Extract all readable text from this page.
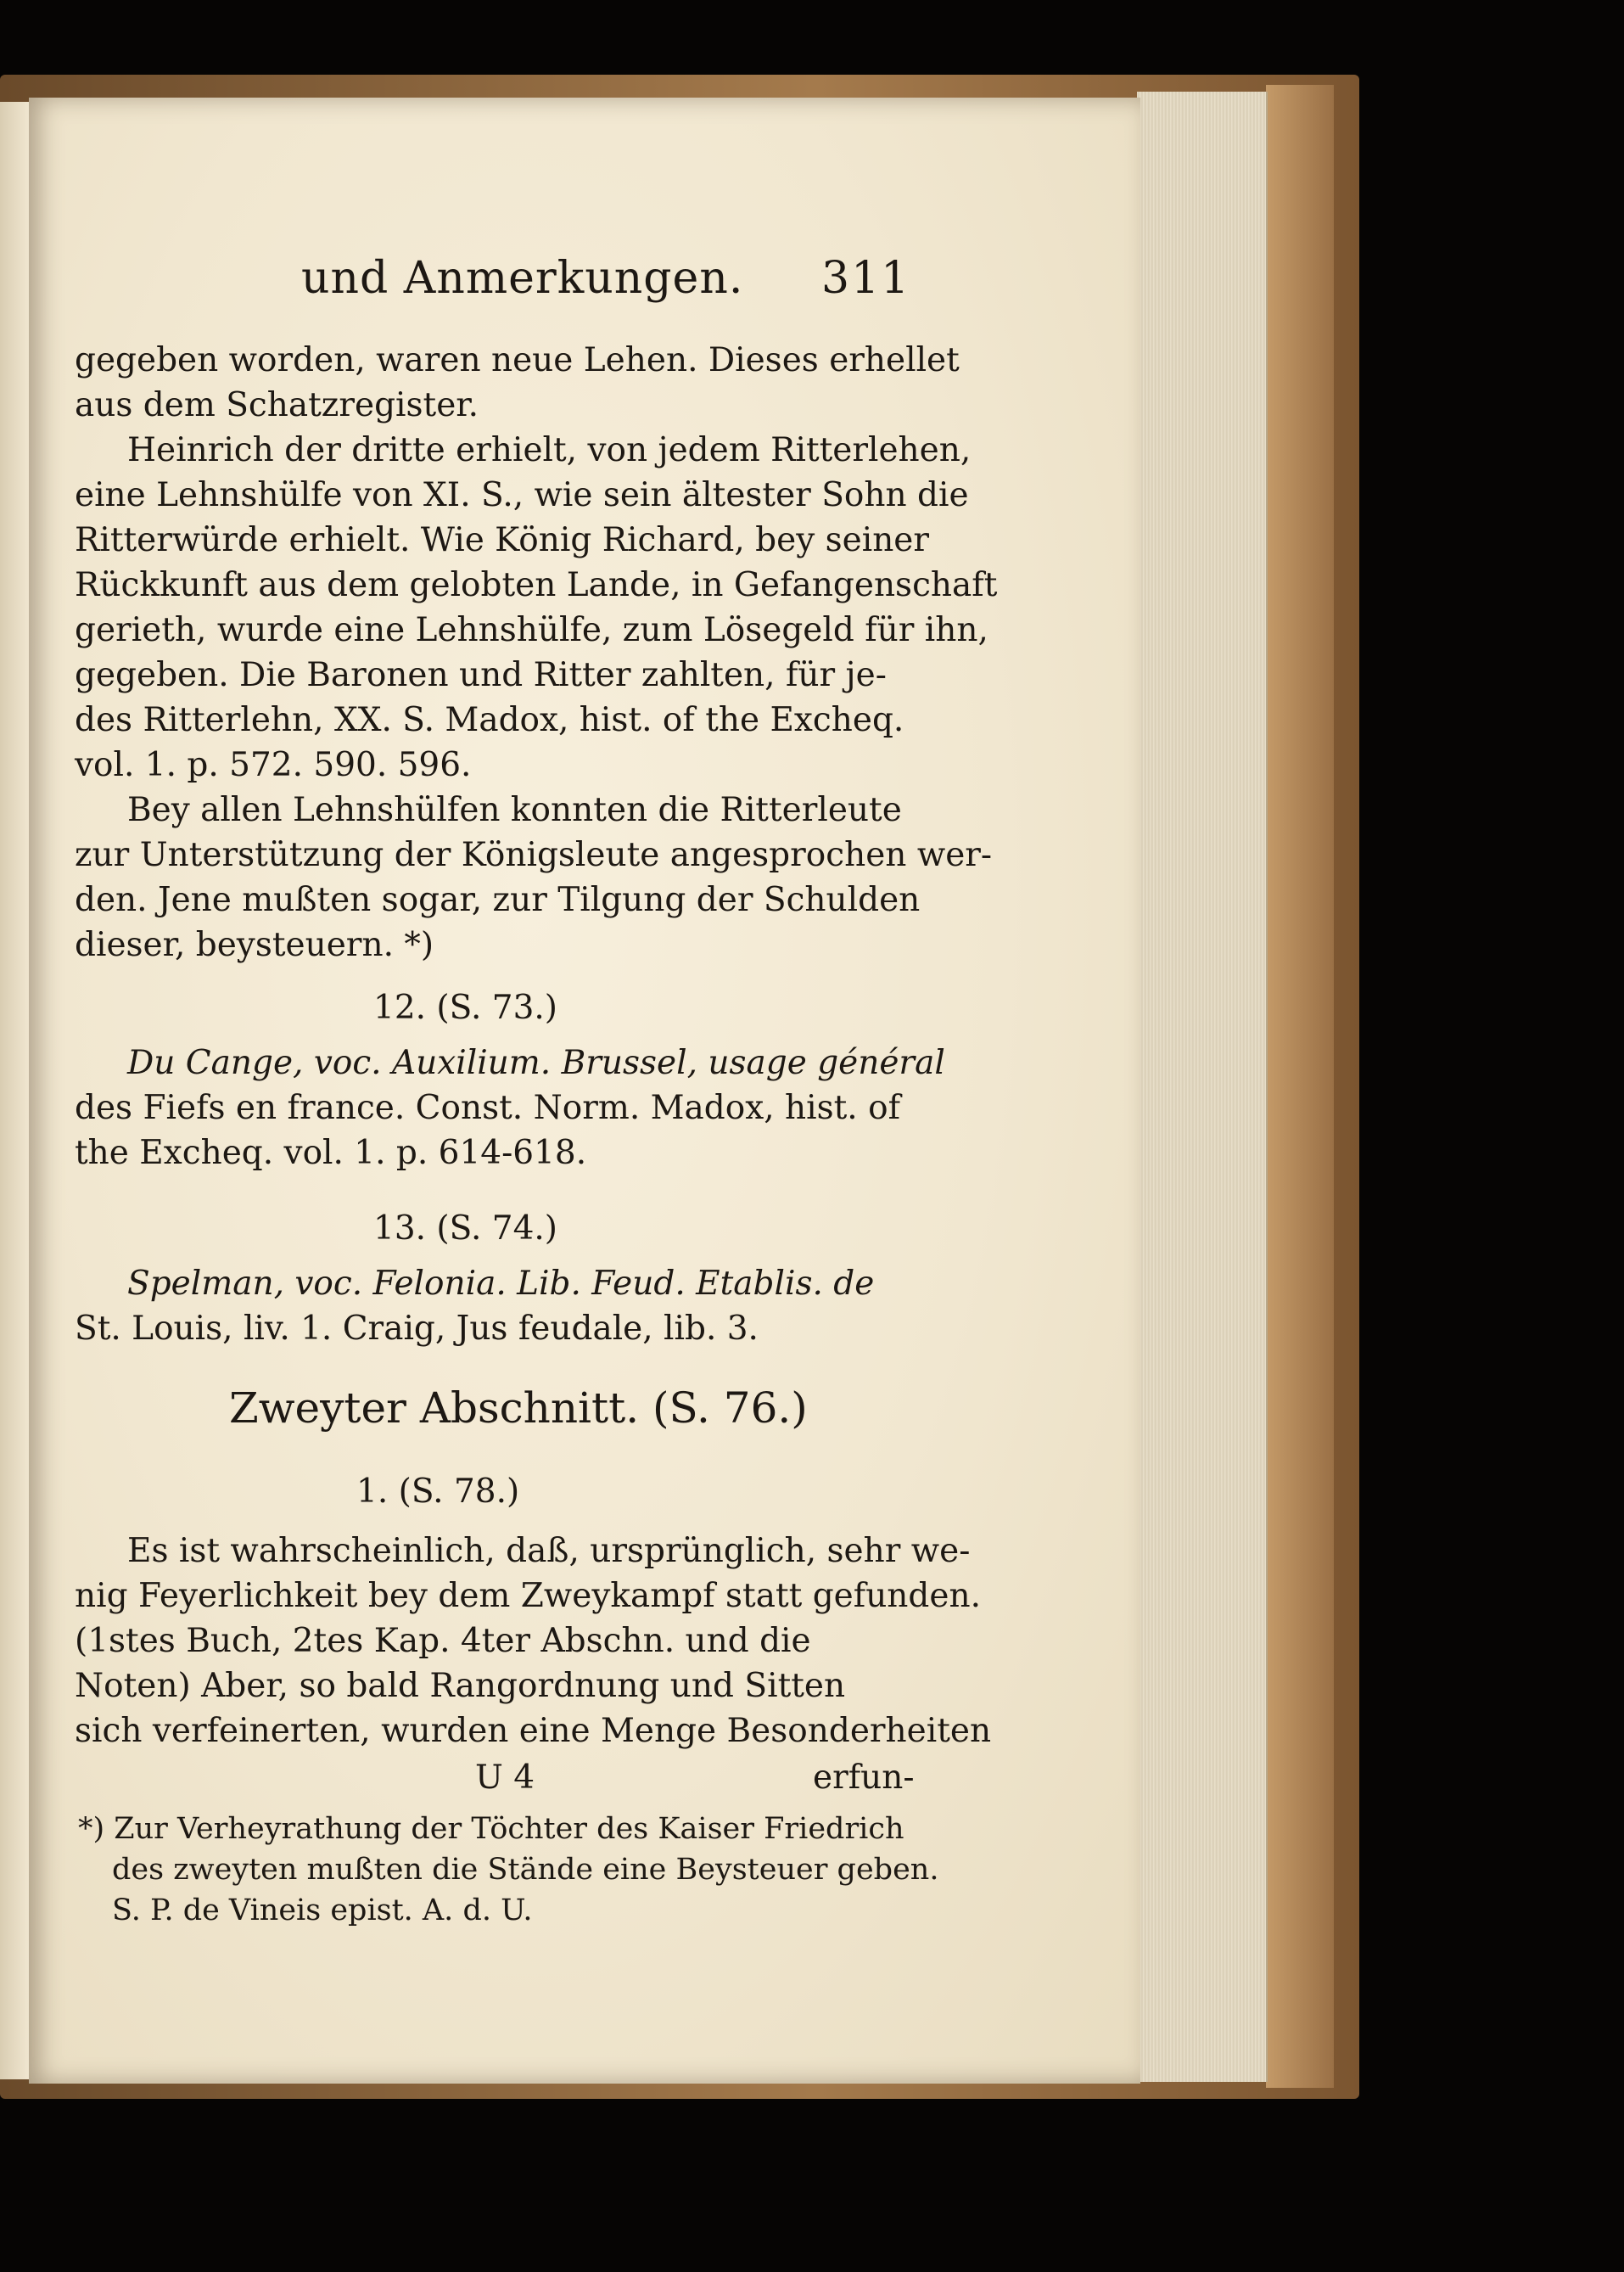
und Anmerkungen. 311
gegeben worden, waren neue Lehen. Dieses erhellet
aus dem Schatzregister.
Heinrich der dritte erhielt, von jedem Ritterlehen,
eine Lehnshülfe von XI. S., wie sein ältester Sohn die
Ritterwürde erhielt. Wie König Richard, bey seiner
Rückkunft aus dem gelobten Lande, in Gefangenschaft
gerieth, wurde eine Lehnshülfe, zum Lösegeld für ihn,
gegeben. Die Baronen und Ritter zahlten, für je-
des Ritterlehn, XX. S. Madox, hist. of the Excheq.
vol. 1. p. 572. 590. 596.
Bey allen Lehnshülfen konnten die Ritterleute
zur Unterstützung der Königsleute angesprochen wer-
den. Jene mußten sogar, zur Tilgung der Schulden
dieser, beysteuern. *)
12. (S. 73.)
Du Cange, voc. Auxilium. Brussel, usage général
des Fiefs en france. Const. Norm. Madox, hist. of
the Excheq. vol. 1. p. 614-618.
13. (S. 74.)
Spelman, voc. Felonia. Lib. Feud. Etablis. de
St. Louis, liv. 1. Craig, Jus feudale, lib. 3.
Zweyter Abschnitt. (S. 76.)
1. (S. 78.)
Es ist wahrscheinlich, daß, ursprünglich, sehr we-
nig Feyerlichkeit bey dem Zweykampf statt gefunden.
(1stes Buch, 2tes Kap. 4ter Abschn. und die
Noten) Aber, so bald Rangordnung und Sitten
sich verfeinerten, wurden eine Menge Besonderheiten
U 4	erfun-
*) Zur Verheyrathung der Töchter des Kaiser Friedrich
des zweyten mußten die Stände eine Beysteuer geben.
S. P. de Vineis epist. A. d. U.
